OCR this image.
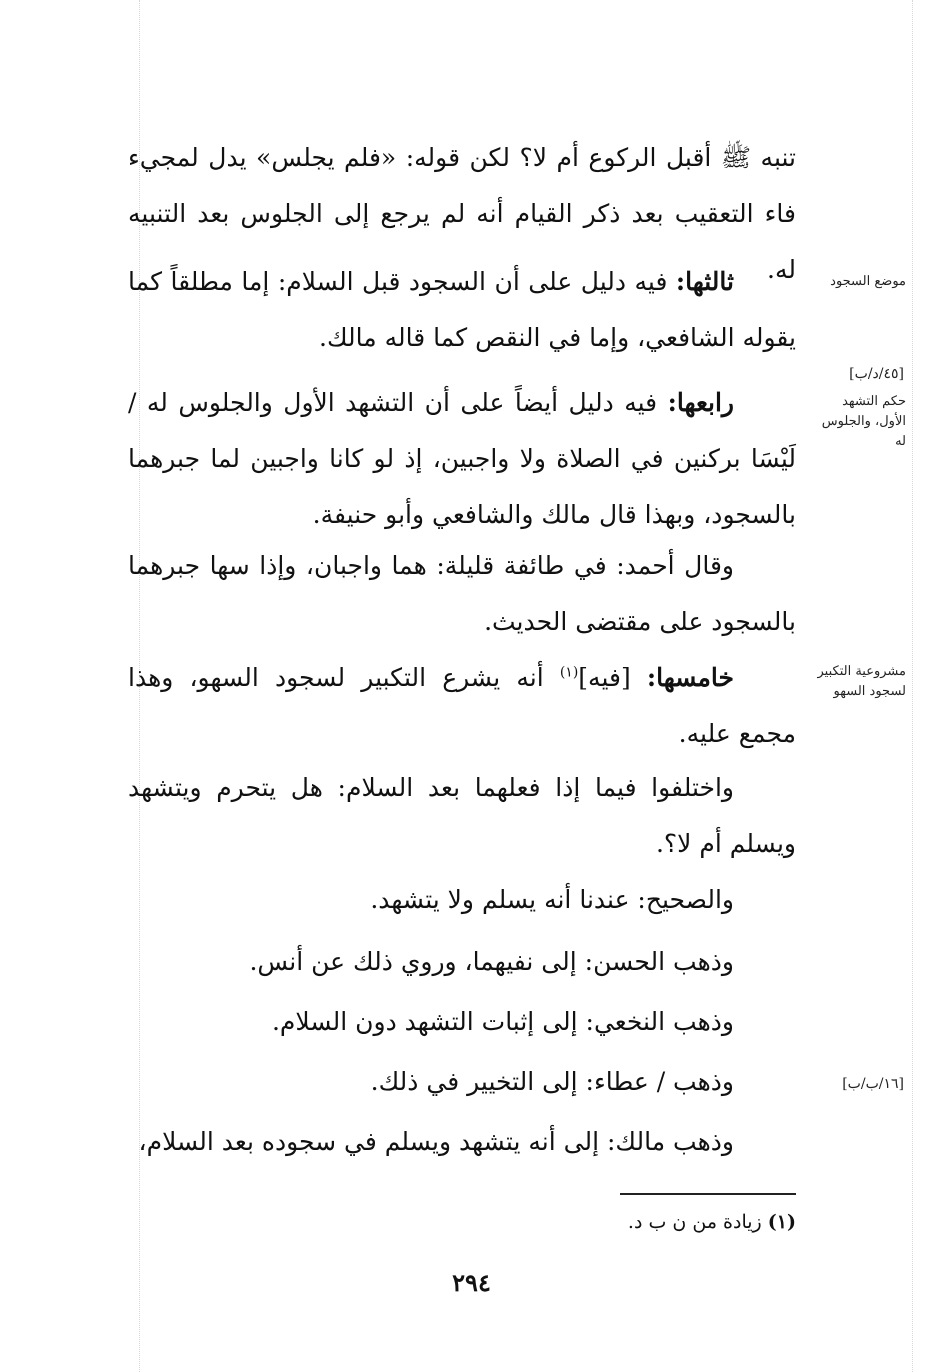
تنبه ﷺ أقبل الركوع أم لا؟ لكن قوله: «فلم يجلس» يدل لمجيء فاء التعقيب بعد ذكر القيام أنه لم يرجع إلى الجلوس بعد التنبيه له.

ثالثها: فيه دليل على أن السجود قبل السلام: إما مطلقاً كما يقوله الشافعي، وإما في النقص كما قاله مالك.

موضع السجود
[٤٥/د/ب]

رابعها: فيه دليل أيضاً على أن التشهد الأول والجلوس له / لَيْسَا بركنين في الصلاة ولا واجبين، إذ لو كانا واجبين لما جبرهما بالسجود، وبهذا قال مالك والشافعي وأبو حنيفة.

حكم التشهد الأول، والجلوس له

وقال أحمد: في طائفة قليلة: هما واجبان، وإذا سها جبرهما بالسجود على مقتضى الحديث.

خامسها: [فيه]$^{(١)}$ أنه يشرع التكبير لسجود السهو، وهذا مجمع عليه.

مشروعية التكبير لسجود السهو

واختلفوا فيما إذا فعلهما بعد السلام: هل يتحرم ويتشهد ويسلم أم لا؟.

والصحيح: عندنا أنه يسلم ولا يتشهد.

وذهب الحسن: إلى نفيهما، وروي ذلك عن أنس.

وذهب النخعي: إلى إثبات التشهد دون السلام.

[١٦/ب/ب]

وذهب / عطاء: إلى التخيير في ذلك.

وذهب مالك: إلى أنه يتشهد ويسلم في سجوده بعد السلام،

(١) زيادة من ن ب د.
٢٩٤
